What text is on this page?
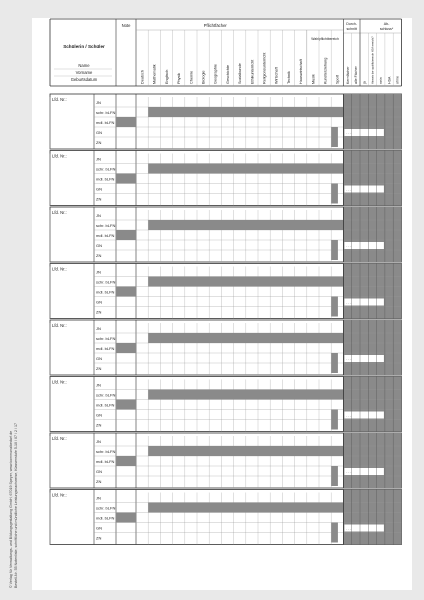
Schülerin / Schüler
Name
Vorname
Geburtsdatum
Note	Pflichtfächer
Wahlpflichtbereich
Durch-
schnitt
Ab-
schluss*
Deutsch Mathematik Englisch Physik Chemie Biologie Geographie Geschichte Sozialkunde Ethikunterricht Religionsunterricht Wirtschaft Technik Hauswirtschaft Musik Kunsterziehung Sport Kernfächer alle Fächer ja	Hinweis der qualifizierende HSA erreicht? nein HSA ohne
Lfd. Nr.:
JN
schr. bLFN
mdl. bLFN
GN
ZN
. . .
Lfd. Nr.:
JN
schr. bLFN
mdl. bLFN
GN
ZN
. . .
Lfd. Nr.:
JN
schr. bLFN
mdl. bLFN
GN
ZN
. . .
Lfd. Nr.:
JN
schr. bLFN
mdl. bLFN
GN
ZN
. . .
Lfd. Nr.:
JN
schr. bLFN
mdl. bLFN
GN
ZN
. . .
Lfd. Nr.:
JN
schr. bLFN
mdl. bLFN
GN
ZN
. . .
Lfd. Nr.:
JN
schr. bLFN
mdl. bLFN
GN
ZN
. . .
Lfd. Nr.:
JN
schr. bLFN
mdl. bLFN
GN
ZN
. . .
© Verlag für Verwaltungs- und Bildungsgestaltung GmbH, 67019 Speyer, www.kommunalbedarf.de Bestell-Nr. 55 Notenliste, schriftliche und mündliche Leistungsnachweise, Klassenstufe 5-10 / 07 / 2 / 17
